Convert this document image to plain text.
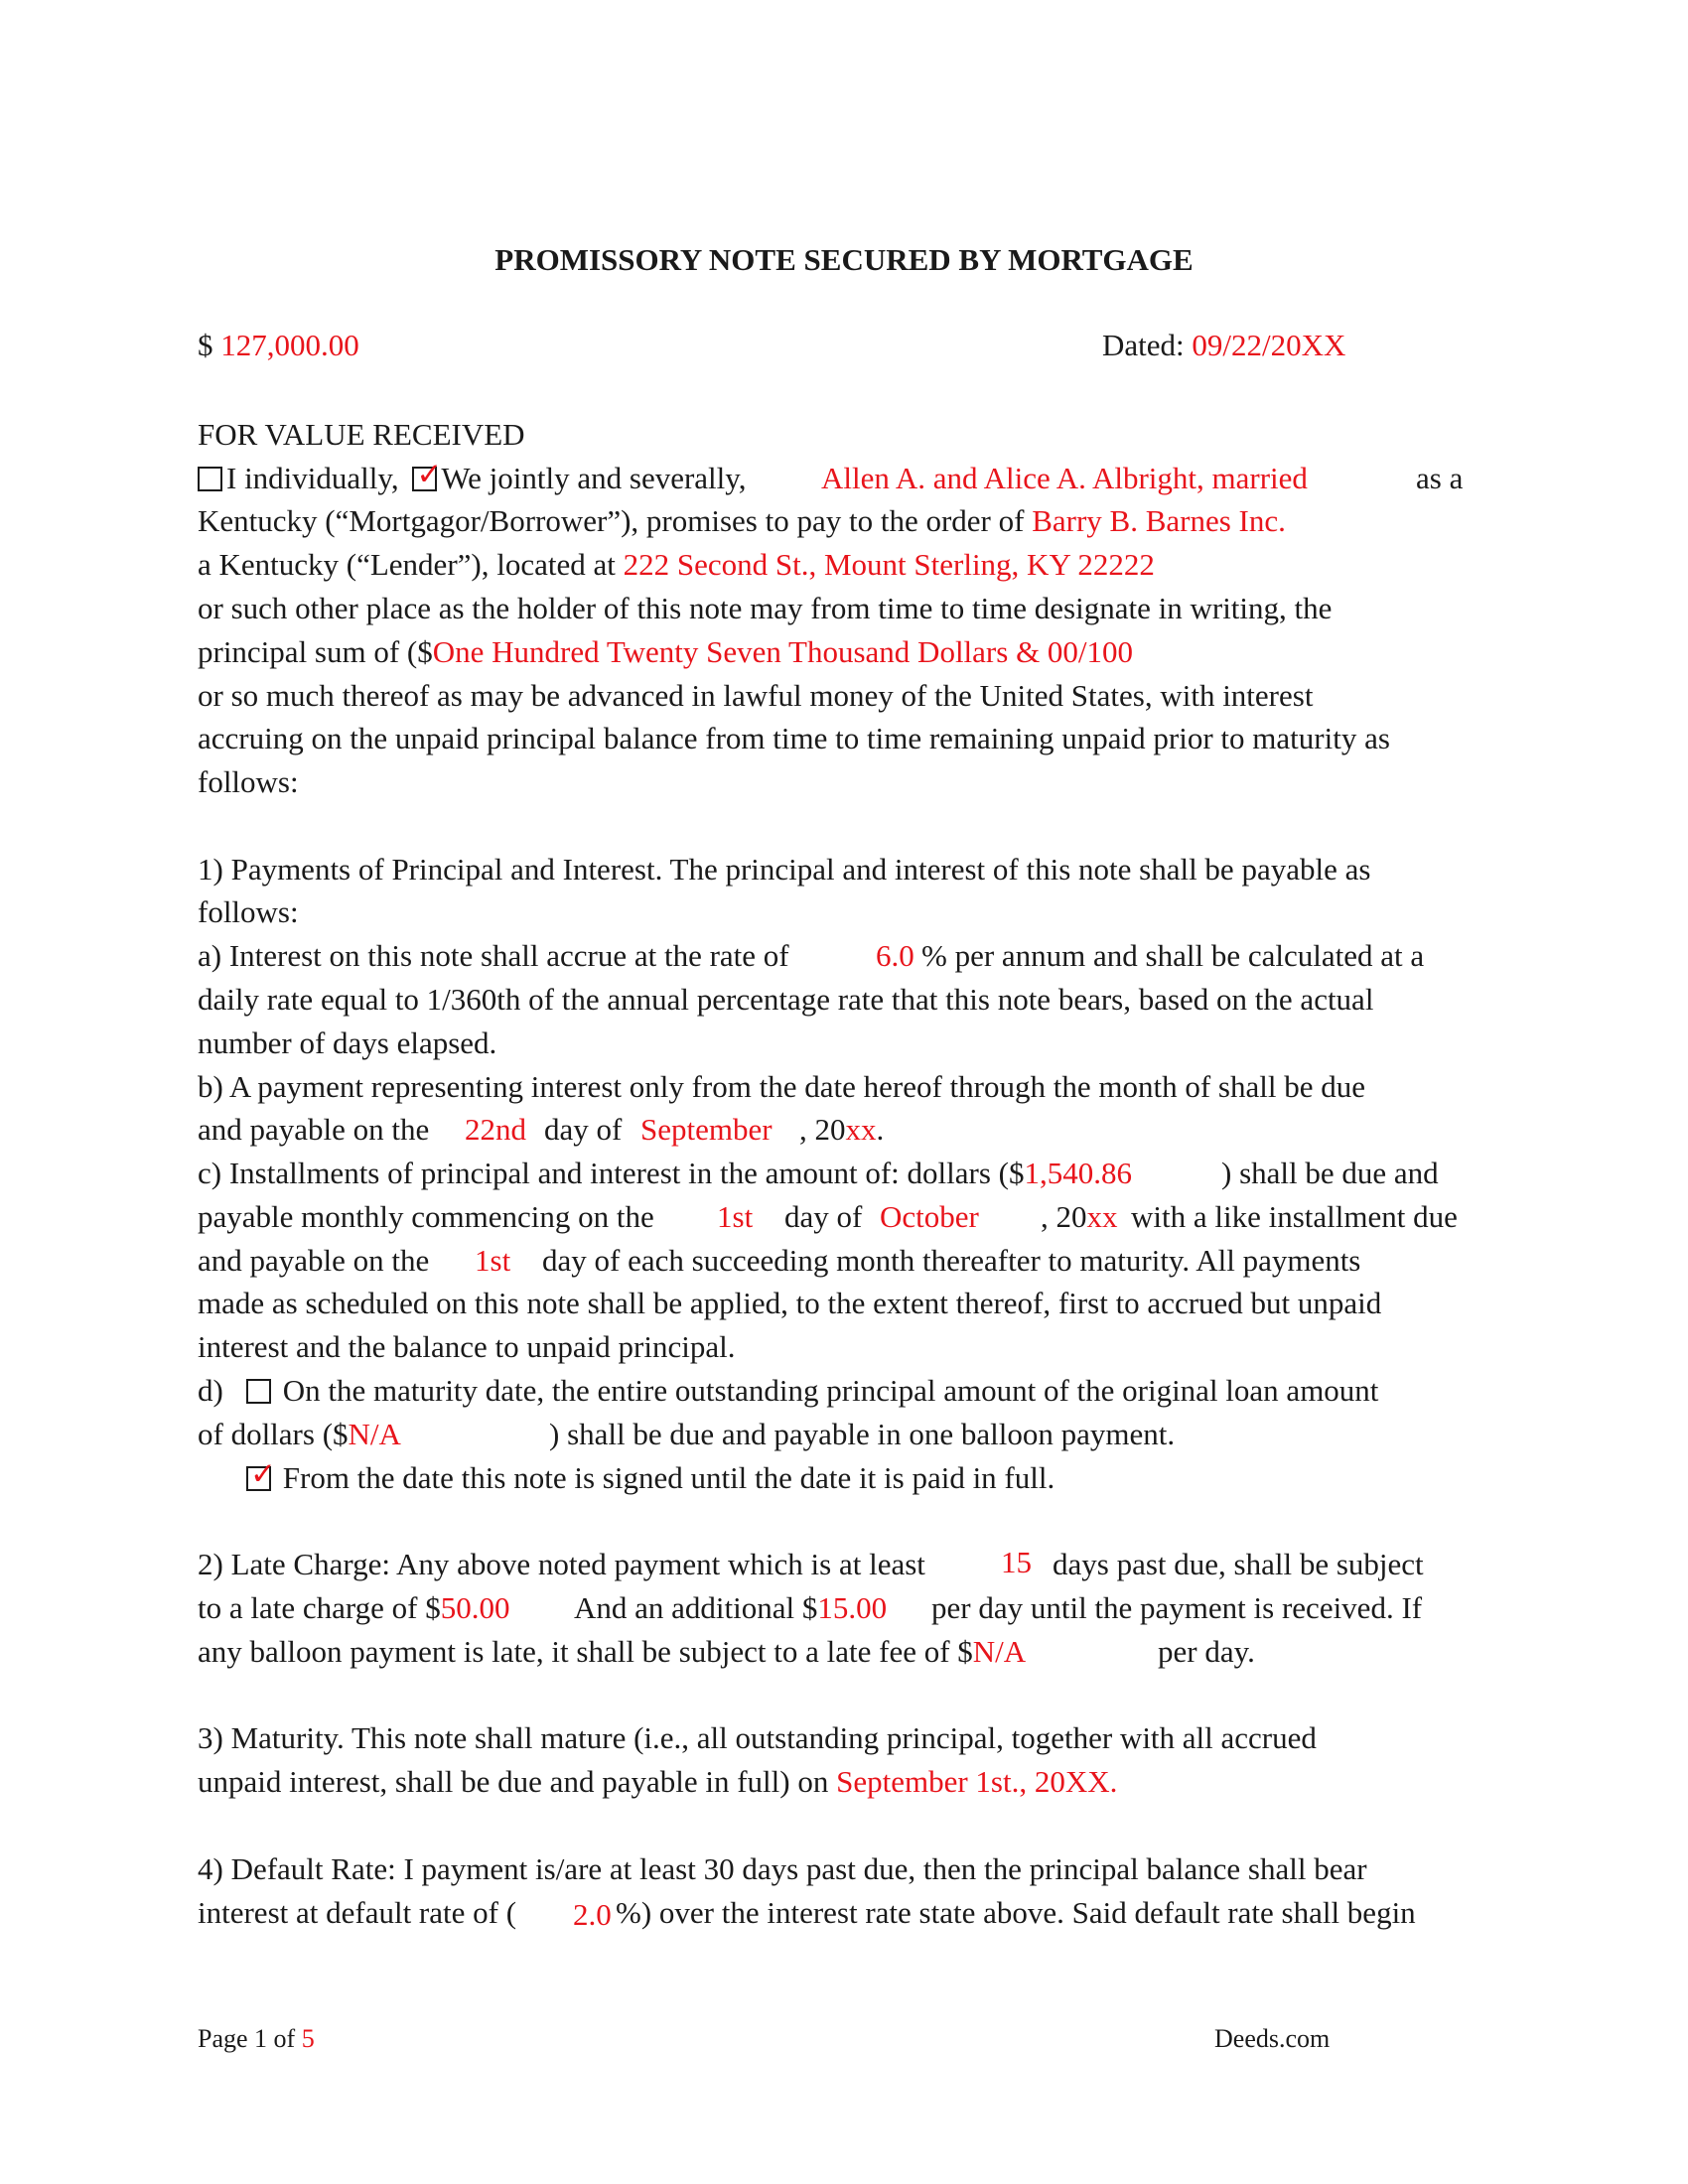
PROMISSORY NOTE SECURED BY MORTGAGE
$ 127,000.00	Dated: 09/22/20XX
FOR VALUE RECEIVED
I individually, ✓ We jointly and severally, Allen A. and Alice A. Albright, married	as a
Kentucky (“Mortgagor/Borrower”), promises to pay to the order of Barry B. Barnes Inc.
a Kentucky (“Lender”), located at 222 Second St., Mount Sterling, KY 22222
or such other place as the holder of this note may from time to time designate in writing, the
principal sum of ($One Hundred Twenty Seven Thousand Dollars & 00/100
or so much thereof as may be advanced in lawful money of the United States, with interest
accruing on the unpaid principal balance from time to time remaining unpaid prior to maturity as
follows:
1) Payments of Principal and Interest. The principal and interest of this note shall be payable as
follows:
a) Interest on this note shall accrue at the rate of	6.0 % per annum and shall be calculated at a
daily rate equal to 1/360th of the annual percentage rate that this note bears, based on the actual
number of days elapsed.
b) A payment representing interest only from the date hereof through the month of shall be due
and payable on the 22nd day of September , 20xx.
c) Installments of principal and interest in the amount of: dollars ($1,540.86	) shall be due and
payable monthly commencing on the 1st day of October , 20xx with a like installment due
and payable on the 1st day of each succeeding month thereafter to maturity. All payments
made as scheduled on this note shall be applied, to the extent thereof, first to accrued but unpaid
interest and the balance to unpaid principal.
d)	On the maturity date, the entire outstanding principal amount of the original loan amount
of dollars ($N/A	) shall be due and payable in one balloon payment.
✓ From the date this note is signed until the date it is paid in full.
2) Late Charge: Any above noted payment which is at least 15 days past due, shall be subject
to a late charge of $50.00 And an additional $15.00 per day until the payment is received. If
any balloon payment is late, it shall be subject to a late fee of $N/A	per day.
3) Maturity. This note shall mature (i.e., all outstanding principal, together with all accrued
unpaid interest, shall be due and payable in full) on September 1st., 20XX.
4) Default Rate: I payment is/are at least 30 days past due, then the principal balance shall bear
interest at default rate of ( 2.0 %) over the interest rate state above. Said default rate shall begin
Page 1 of 5	Deeds.com
